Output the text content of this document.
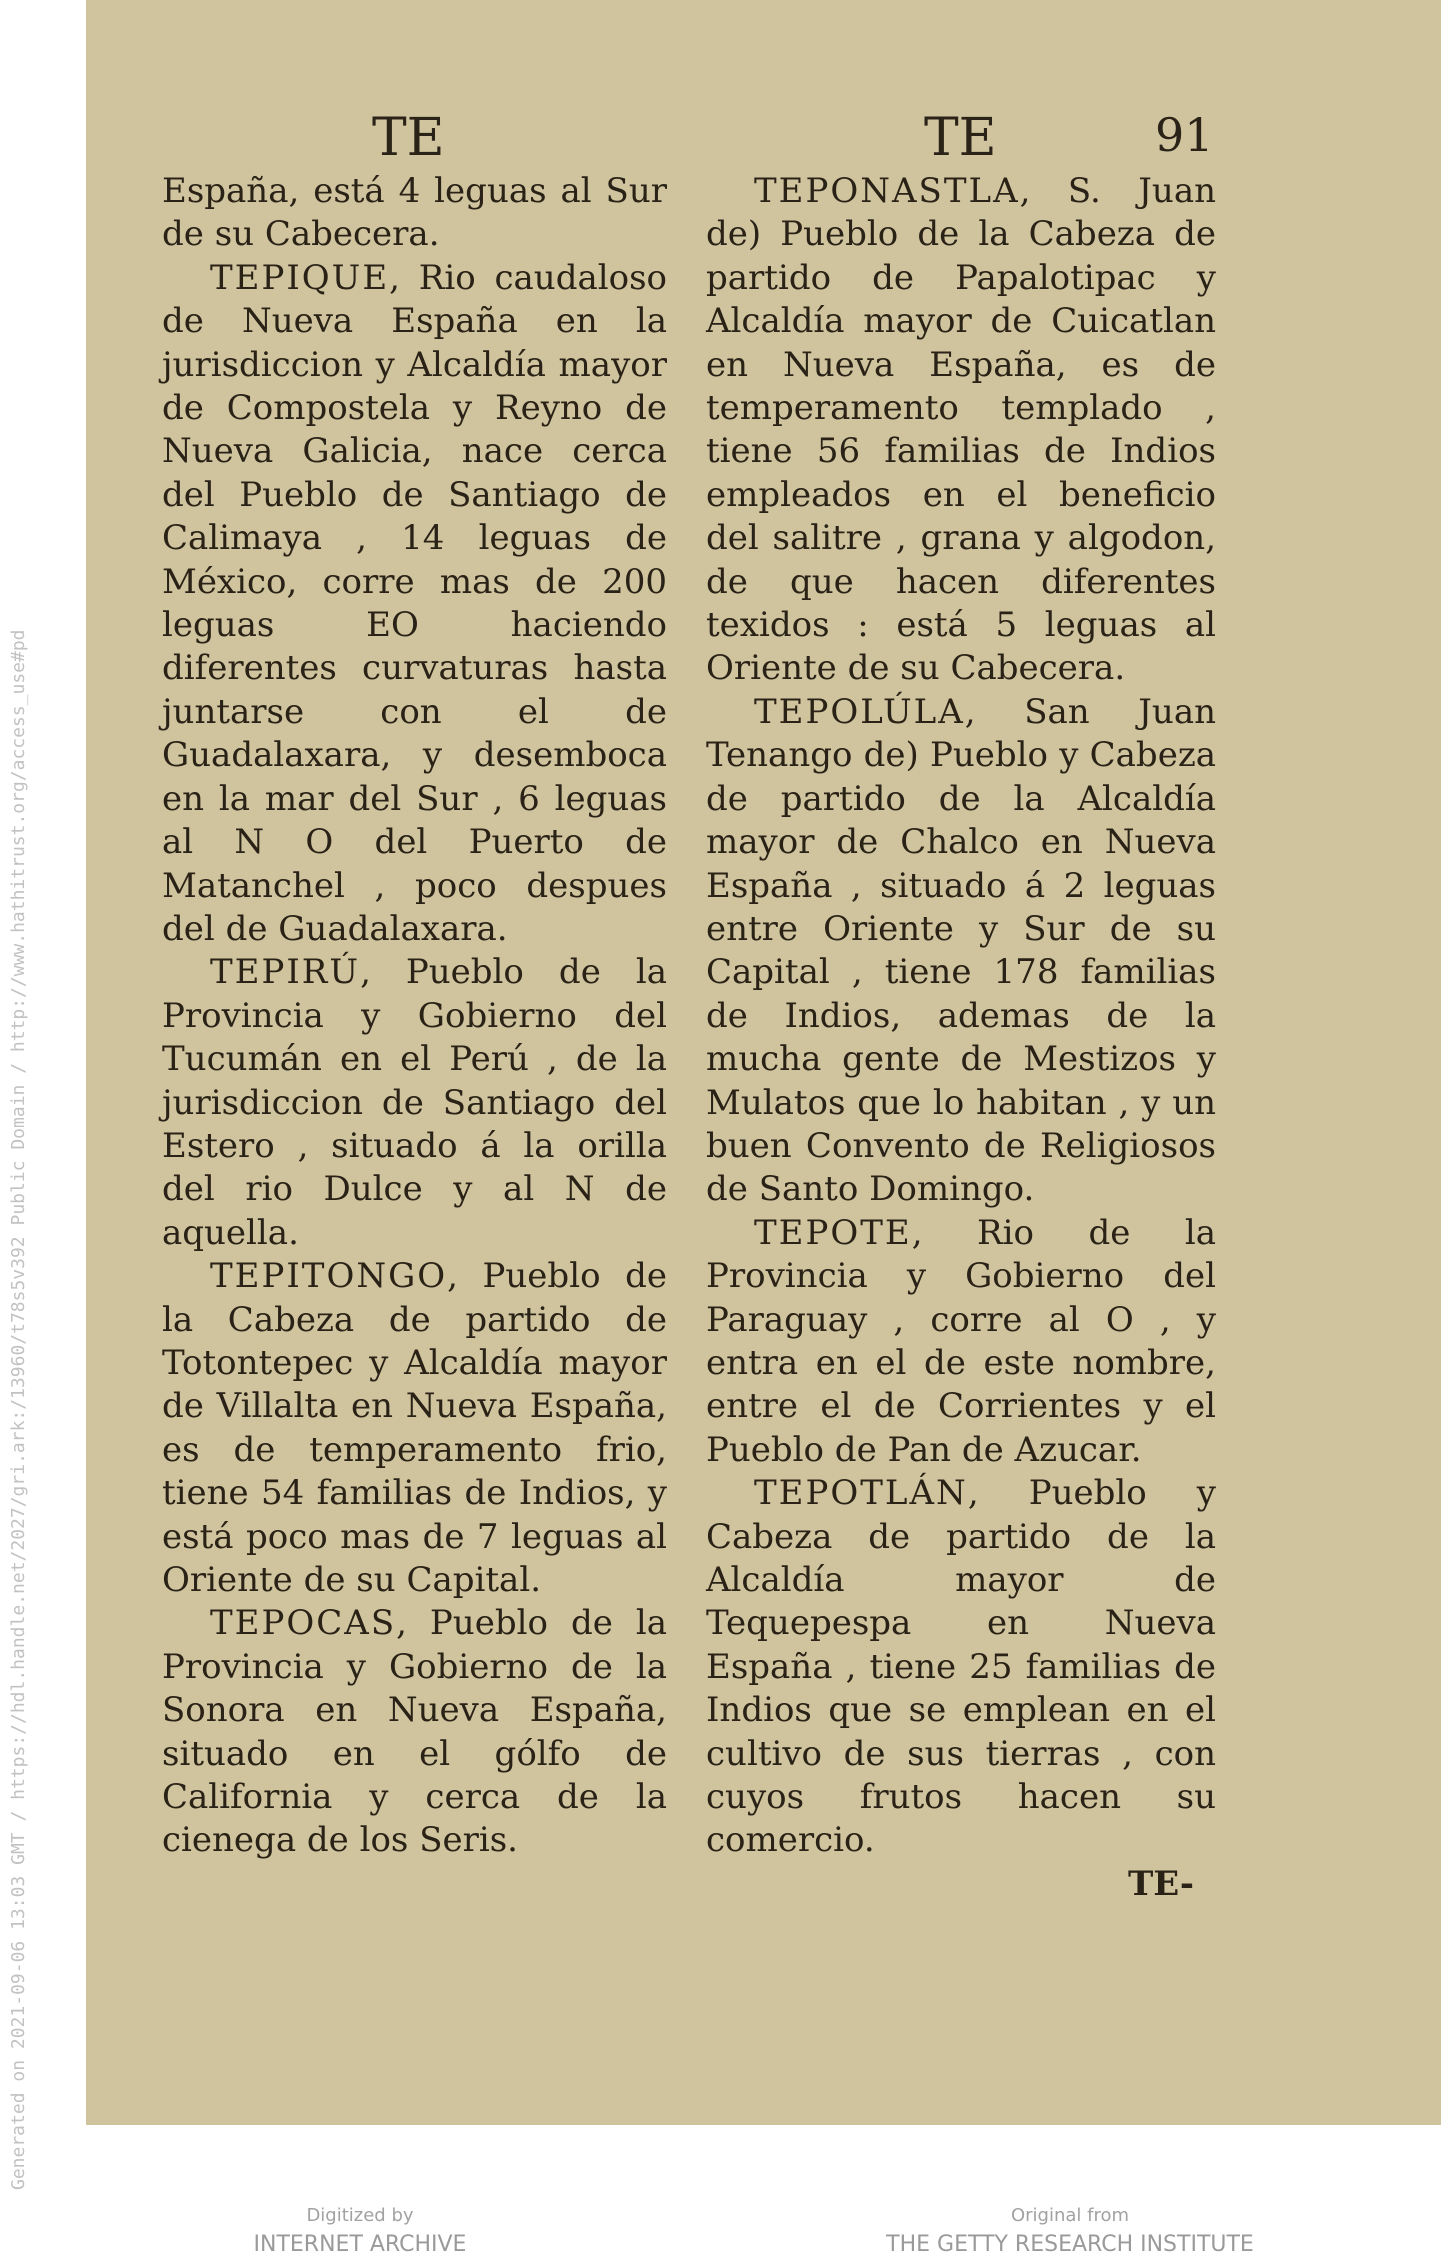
Generated on 2021-09-06 13:03 GMT / https://hdl.handle.net/2027/gri.ark:/13960/t78s5v392 Public Domain / http://www.hathitrust.org/access_use#pd
TE	TE	91

España, está 4 leguas al Sur de su Cabecera.

TEPIQUE, Rio caudaloso de Nueva España en la jurisdiccion y Alcaldía mayor de Compostela y Reyno de Nueva Galicia, nace cerca del Pueblo de Santiago de Calimaya , 14 leguas de México, corre mas de 200 leguas EO haciendo diferentes curvaturas hasta juntarse con el de Guadalaxara, y desemboca en la mar del Sur , 6 leguas al N O del Puerto de Matanchel , poco despues del de Guadalaxara.

TEPIRÚ, Pueblo de la Provincia y Gobierno del Tucumán en el Perú , de la jurisdiccion de Santiago del Estero , situado á la orilla del rio Dulce y al N de aquella.

TEPITONGO, Pueblo de la Cabeza de partido de Totontepec y Alcaldía mayor de Villalta en Nueva España, es de temperamento frio, tiene 54 familias de Indios, y está poco mas de 7 leguas al Oriente de su Capital.

TEPOCAS, Pueblo de la Provincia y Gobierno de la Sonora en Nueva España, situado en el gólfo de California y cerca de la cienega de los Seris.

TEPONASTLA, S. Juan de) Pueblo de la Cabeza de partido de Papalotipac y Alcaldía mayor de Cuicatlan en Nueva España, es de temperamento templado , tiene 56 familias de Indios empleados en el beneficio del salitre , grana y algodon, de que hacen diferentes texidos : está 5 leguas al Oriente de su Cabecera.

TEPOLÚLA, San Juan Tenango de) Pueblo y Cabeza de partido de la Alcaldía mayor de Chalco en Nueva España , situado á 2 leguas entre Oriente y Sur de su Capital , tiene 178 familias de Indios, ademas de la mucha gente de Mestizos y Mulatos que lo habitan , y un buen Convento de Religiosos de Santo Domingo.

TEPOTE, Rio de la Provincia y Gobierno del Paraguay , corre al O , y entra en el de este nombre, entre el de Corrientes y el Pueblo de Pan de Azucar.

TEPOTLÁN, Pueblo y Cabeza de partido de la Alcaldía mayor de Tequepespa en Nueva España , tiene 25 familias de Indios que se emplean en el cultivo de sus tierras , con cuyos frutos hacen su comercio.

TE-
Digitized by
INTERNET ARCHIVE
Original from
THE GETTY RESEARCH INSTITUTE
